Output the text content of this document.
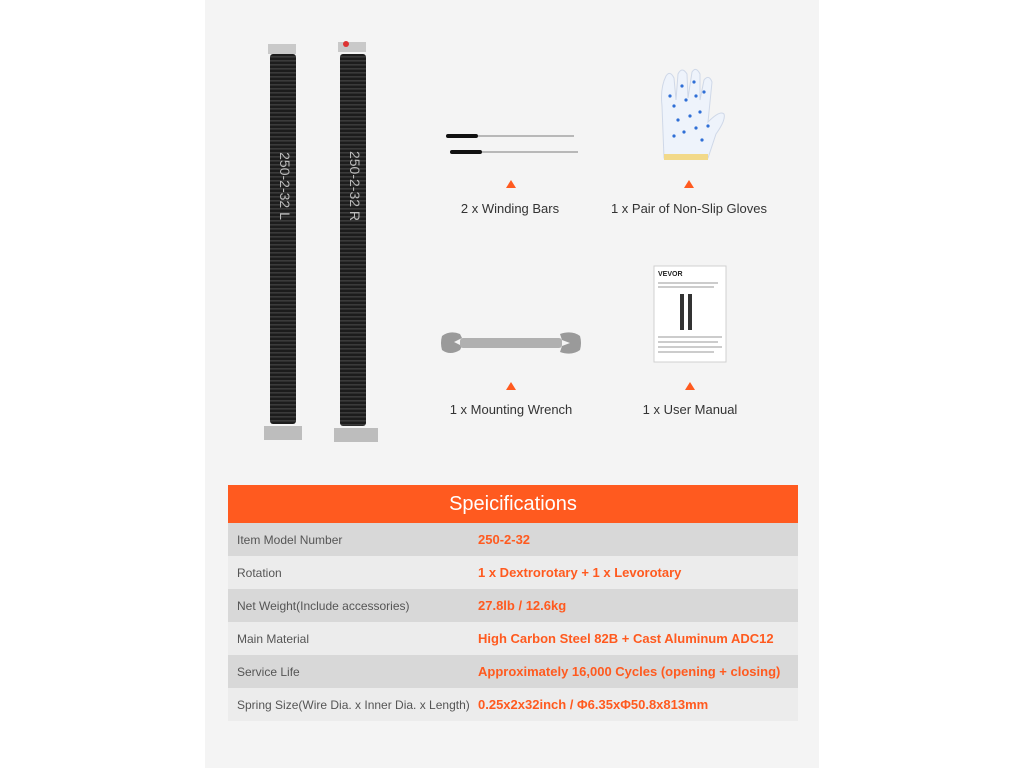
250-2-32 L	250-2-32 R	2 x Winding Bars	1 x Pair of Non-Slip Gloves
1 x Mounting Wrench
VEVOR
1 x User Manual
Speicifications
Item Model Number	250-2-32
Rotation	1 x Dextrorotary + 1 x Levorotary
Net Weight(Include accessories)	27.8lb / 12.6kg
Main Material	High Carbon Steel 82B + Cast Aluminum ADC12
Service Life	Approximately 16,000 Cycles (opening + closing)
Spring Size(Wire Dia. x Inner Dia. x Length) 0.25x2x32inch / Φ6.35xΦ50.8x813mm
